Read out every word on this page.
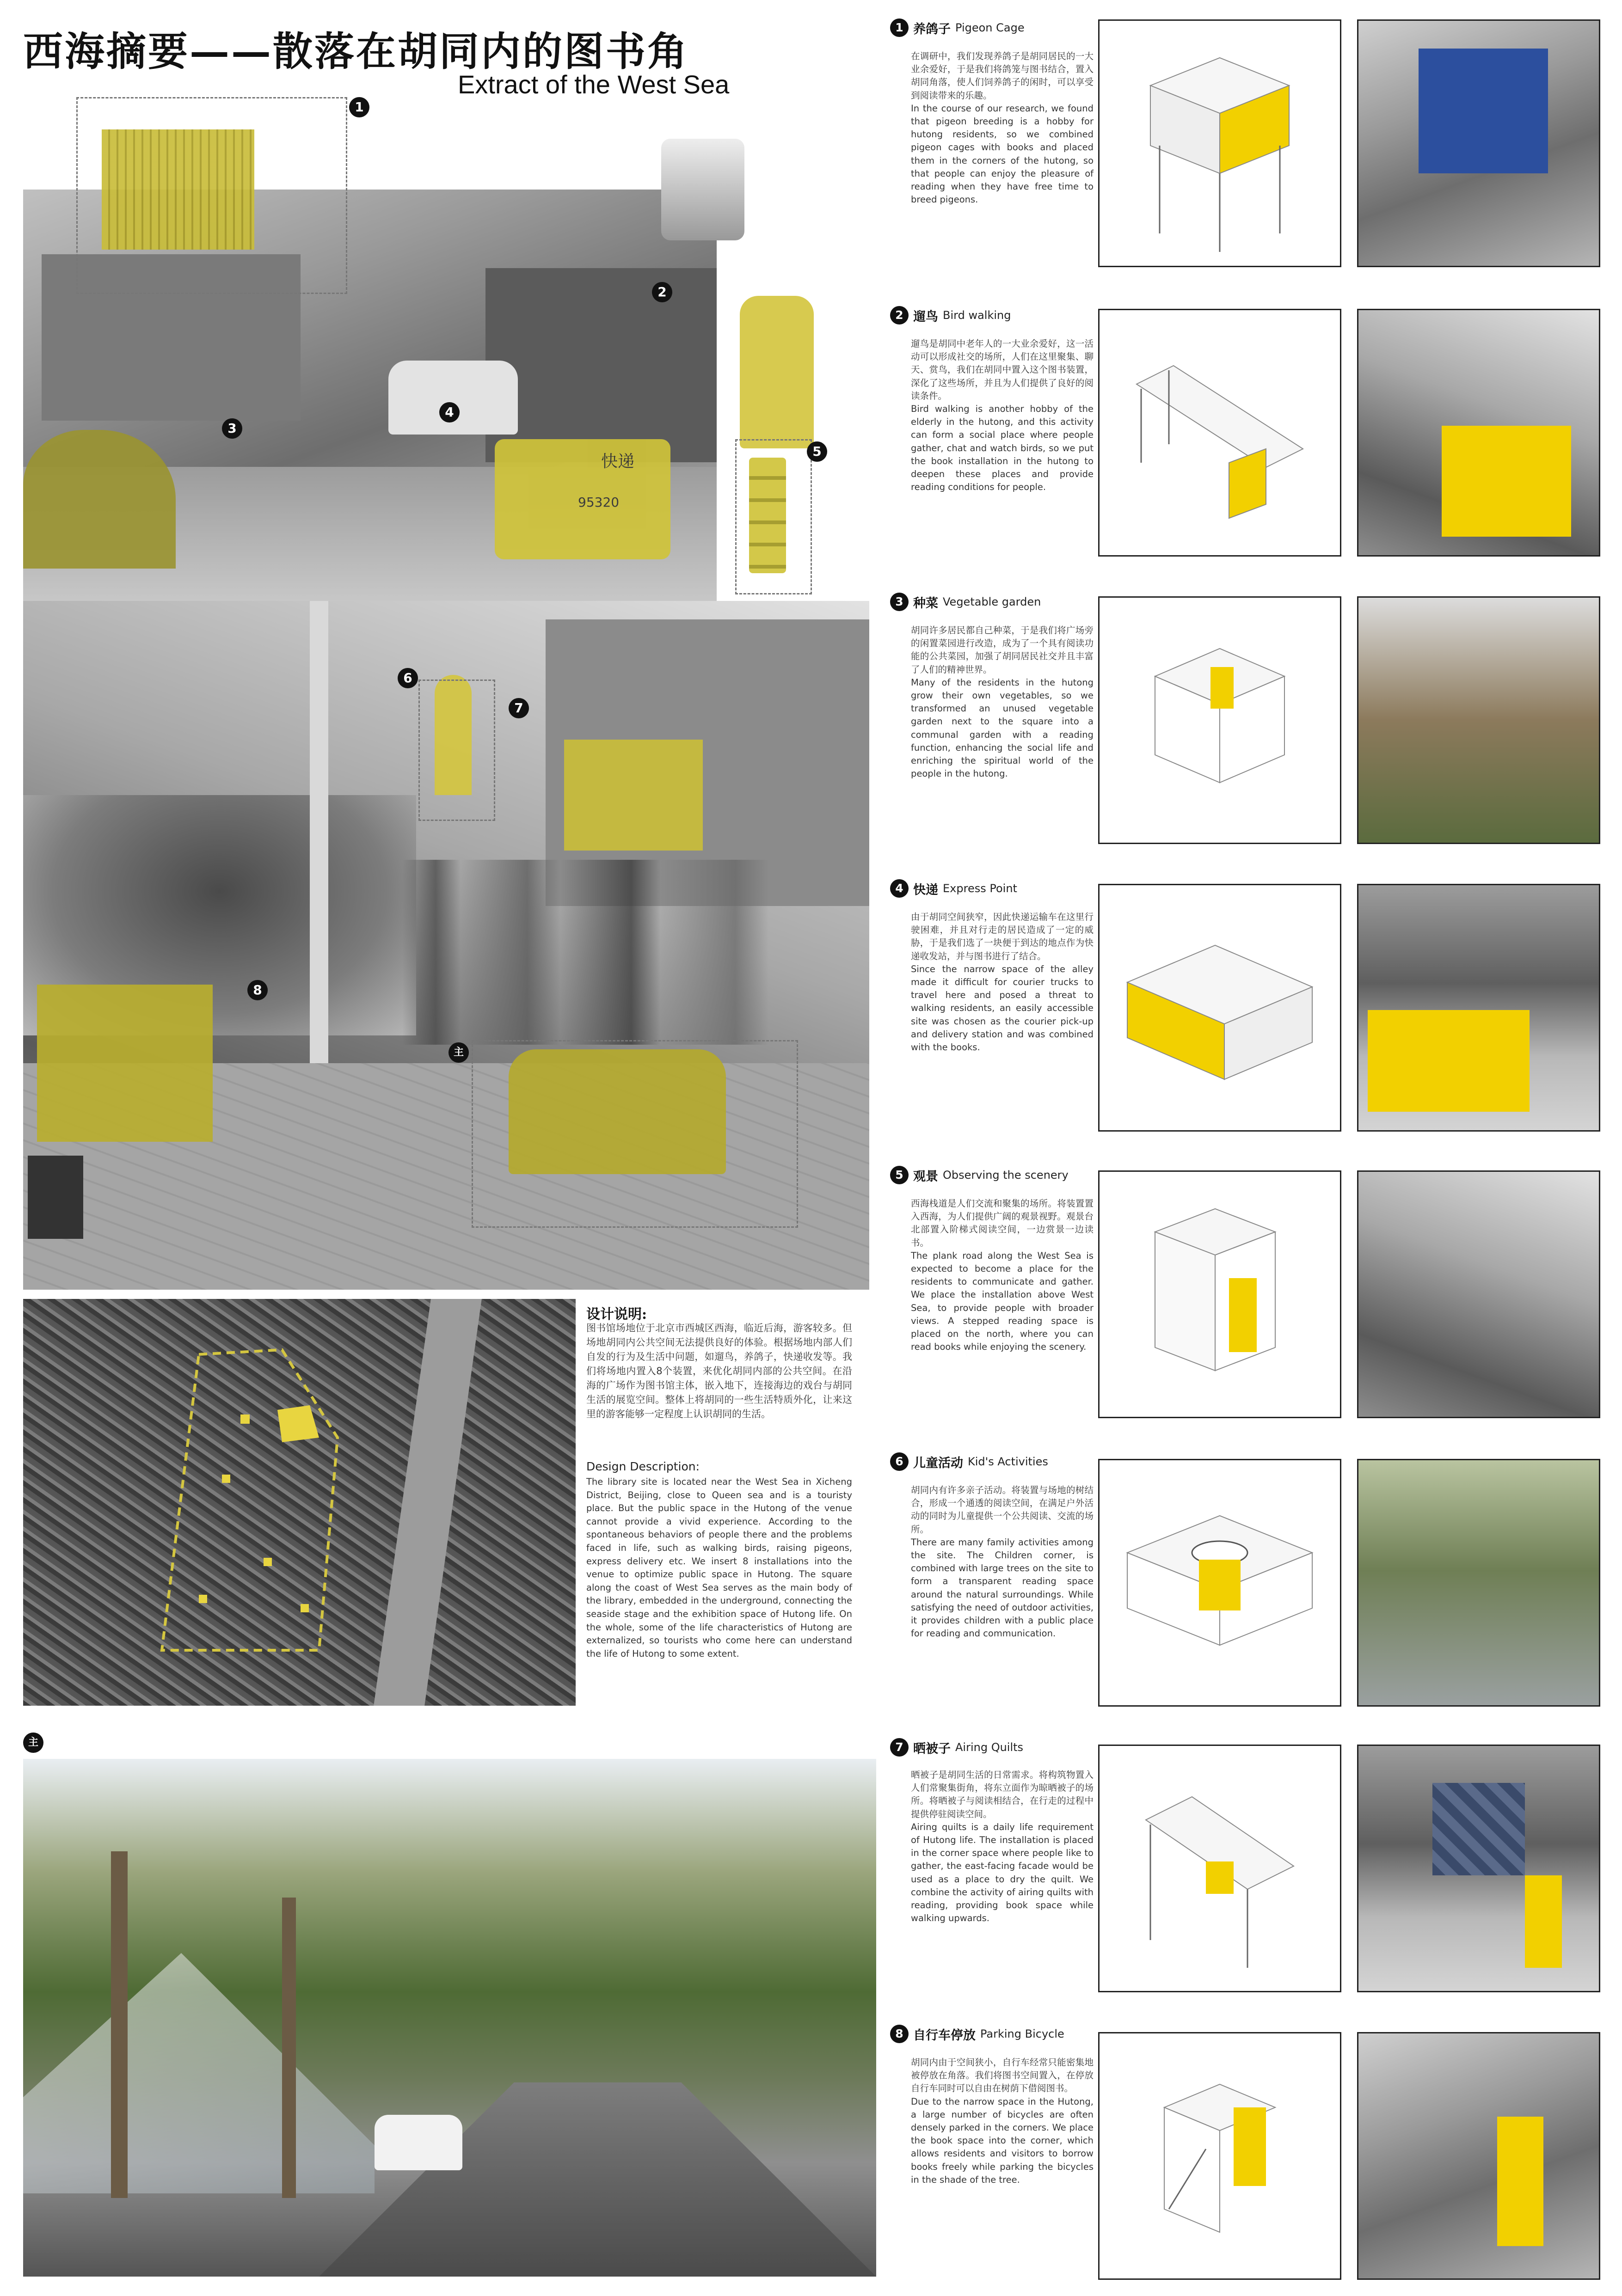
西海摘要——散落在胡同内的图书角
Extract of the West Sea
快递
95320
1
2
3
4
5
6
7
8
主
设计说明:
图书馆场地位于北京市西城区西海，临近后海，游客较多。但场地胡同内公共空间无法提供良好的体验。根据场地内部人们自发的行为及生活中问题，如遛鸟，养鸽子，快递收发等。我们将场地内置入8个装置，来优化胡同内部的公共空间。在沿海的广场作为图书馆主体，嵌入地下，连接海边的戏台与胡同生活的展览空间。整体上将胡同的一些生活特质外化，让来这里的游客能够一定程度上认识胡同的生活。
Design Description:
The library site is located near the West Sea in Xicheng District, Beijing, close to Queen sea and is a touristy place. But the public space in the Hutong of the venue cannot provide a vivid experience. According to the spontaneous behaviors of people there and the problems faced in life, such as walking birds, raising pigeons, express delivery etc. We insert 8 installations into the venue to optimize public space in Hutong. The square along the coast of West Sea serves as the main body of the library, embedded in the underground, connecting the seaside stage and the exhibition space of Hutong life. On the whole, some of the life characteristics of Hutong are externalized, so tourists who come here can understand the life of Hutong to some extent.
主
1 养鸽子 Pigeon Cage
在调研中，我们发现养鸽子是胡同居民的一大业余爱好，于是我们将鸽笼与图书结合，置入胡同角落，使人们饲养鸽子的闲时，可以享受到阅读带来的乐趣。
In the course of our research, we found that pigeon breeding is a hobby for hutong residents, so we combined pigeon cages with books and placed them in the corners of the hutong, so that people can enjoy the pleasure of reading when they have free time to breed pigeons.
2 遛鸟 Bird walking
遛鸟是胡同中老年人的一大业余爱好，这一活动可以形成社交的场所，人们在这里聚集、聊天、赏鸟，我们在胡同中置入这个图书装置，深化了这些场所，并且为人们提供了良好的阅读条件。
Bird walking is another hobby of the elderly in the hutong, and this activity can form a social place where people gather, chat and watch birds, so we put the book installation in the hutong to deepen these places and provide reading conditions for people.
3 种菜 Vegetable garden
胡同许多居民都自己种菜，于是我们将广场旁的闲置菜园进行改造，成为了一个具有阅读功能的公共菜园，加强了胡同居民社交并且丰富了人们的精神世界。
Many of the residents in the hutong grow their own vegetables, so we transformed an unused vegetable garden next to the square into a communal garden with a reading function, enhancing the social life and enriching the spiritual world of the people in the hutong.
4 快递 Express Point
由于胡同空间狭窄，因此快递运输车在这里行驶困难，并且对行走的居民造成了一定的威胁，于是我们选了一块便于到达的地点作为快递收发站，并与图书进行了结合。
Since the narrow space of the alley made it difficult for courier trucks to travel here and posed a threat to walking residents, an easily accessible site was chosen as the courier pick-up and delivery station and was combined with the books.
5 观景 Observing the scenery
西海栈道是人们交流和聚集的场所。将装置置入西海，为人们提供广阔的观景视野。观景台北部置入阶梯式阅读空间，一边赏景一边读书。
The plank road along the West Sea is expected to become a place for the residents to communicate and gather. We place the installation above West Sea, to provide people with broader views. A stepped reading space is placed on the north, where you can read books while enjoying the scenery.
6 儿童活动 Kid's Activities
胡同内有许多亲子活动。将装置与场地的树结合，形成一个通透的阅读空间，在满足户外活动的同时为儿童提供一个公共阅读、交流的场所。
There are many family activities among the site. The Children corner, is combined with large trees on the site to form a transparent reading space around the natural surroundings. While satisfying the need of outdoor activities, it provides children with a public place for reading and communication.
7 晒被子 Airing Quilts
晒被子是胡同生活的日常需求。将构筑物置入人们常聚集街角，将东立面作为晾晒被子的场所。将晒被子与阅读相结合，在行走的过程中提供停驻阅读空间。
Airing quilts is a daily life requirement of Hutong life. The installation is placed in the corner space where people like to gather, the east-facing facade would be used as a place to dry the quilt. We combine the activity of airing quilts with reading, providing book space while walking upwards.
8 自行车停放 Parking Bicycle
胡同内由于空间狭小，自行车经常只能密集地被停放在角落。我们将图书空间置入，在停放自行车同时可以自由在树荫下借阅图书。
Due to the narrow space in the Hutong, a large number of bicycles are often densely parked in the corners. We place the book space into the corner, which allows residents and visitors to borrow books freely while parking the bicycles in the shade of the tree.
